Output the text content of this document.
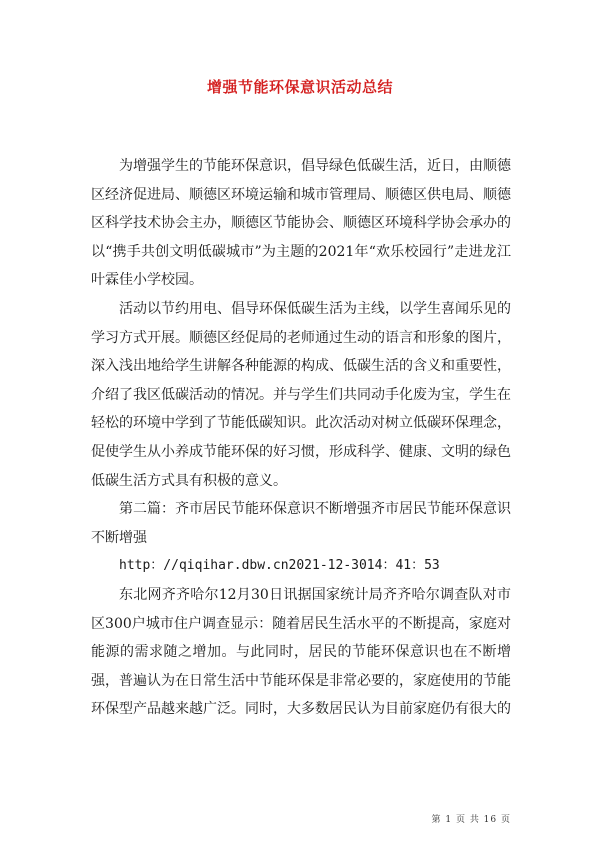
增强节能环保意识活动总结

为增强学生的节能环保意识，倡导绿色低碳生活，近日，由顺德区经济促进局、顺德区环境运输和城市管理局、顺德区供电局、顺德区科学技术协会主办，顺德区节能协会、顺德区环境科学协会承办的以“携手共创文明低碳城市”为主题的2021年“欢乐校园行”走进龙江叶霖佳小学校园。

活动以节约用电、倡导环保低碳生活为主线，以学生喜闻乐见的学习方式开展。顺德区经促局的老师通过生动的语言和形象的图片，深入浅出地给学生讲解各种能源的构成、低碳生活的含义和重要性，介绍了我区低碳活动的情况。并与学生们共同动手化废为宝，学生在轻松的环境中学到了节能低碳知识。此次活动对树立低碳环保理念，促使学生从小养成节能环保的好习惯，形成科学、健康、文明的绿色低碳生活方式具有积极的意义。

第二篇：齐市居民节能环保意识不断增强齐市居民节能环保意识不断增强

http：//qiqihar.dbw.cn2021-12-3014：41：53

东北网齐齐哈尔12月30日讯据国家统计局齐齐哈尔调查队对市区300户城市住户调查显示：随着居民生活水平的不断提高，家庭对能源的需求随之增加。与此同时，居民的节能环保意识也在不断增强，普遍认为在日常生活中节能环保是非常必要的，家庭使用的节能环保型产品越来越广泛。同时，大多数居民认为目前家庭仍有很大的

第 1 页 共 16 页
